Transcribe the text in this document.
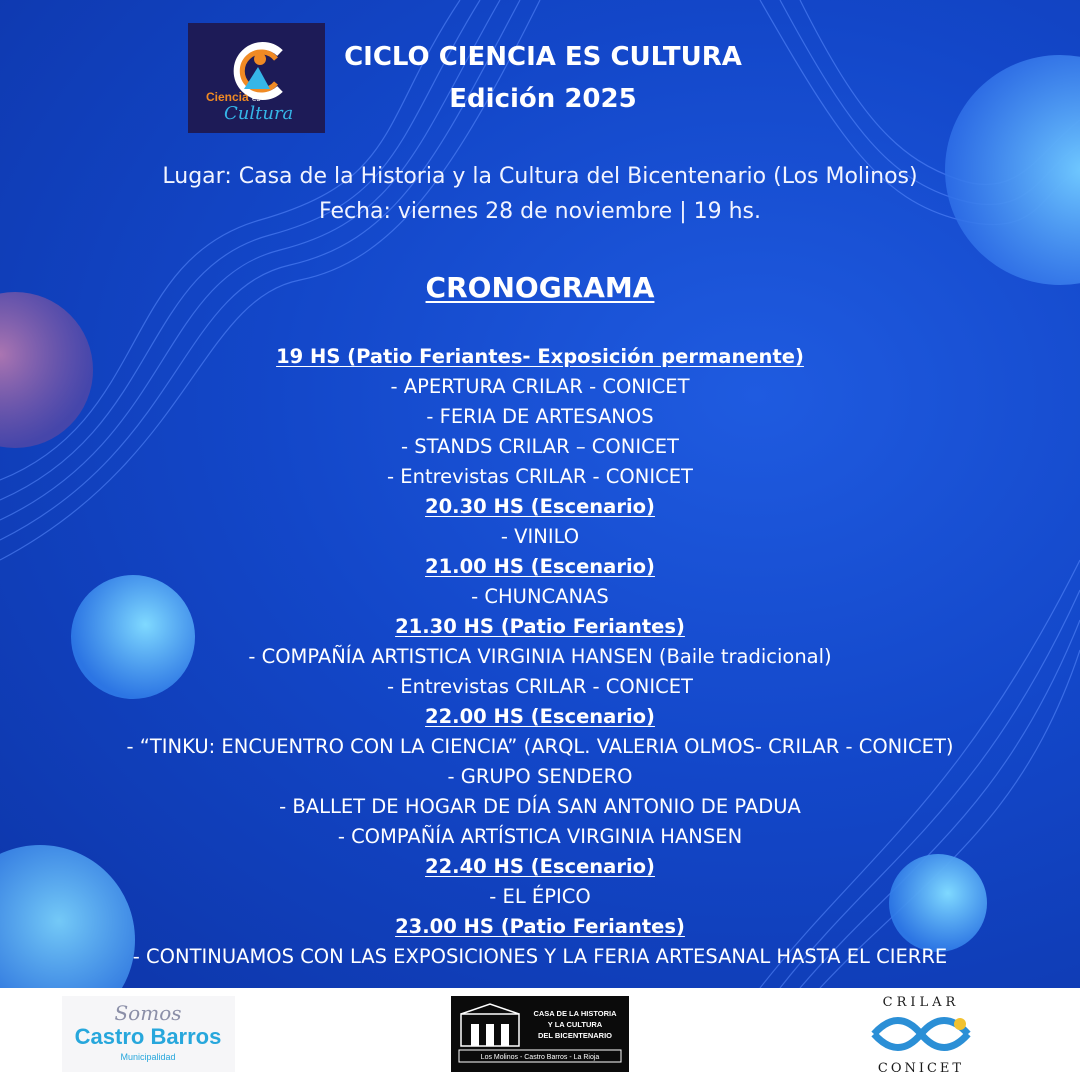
Ciencia es
Cultura
CICLO CIENCIA ES CULTURA
Edición 2025
Lugar: Casa de la Historia y la Cultura del Bicentenario (Los Molinos)
Fecha: viernes 28 de noviembre | 19 hs.
CRONOGRAMA
19 HS (Patio Feriantes- Exposición permanente)
- APERTURA CRILAR - CONICET
- FERIA DE ARTESANOS
- STANDS CRILAR – CONICET
- Entrevistas CRILAR - CONICET
20.30 HS (Escenario)
- VINILO
21.00 HS (Escenario)
- CHUNCANAS
21.30 HS (Patio Feriantes)
- COMPAÑÍA ARTISTICA VIRGINIA HANSEN (Baile tradicional)
- Entrevistas CRILAR - CONICET
22.00 HS (Escenario)
- “TINKU: ENCUENTRO CON LA CIENCIA” (ARQL. VALERIA OLMOS- CRILAR - CONICET)
- GRUPO SENDERO
- BALLET DE HOGAR DE DÍA SAN ANTONIO DE PADUA
- COMPAÑÍA ARTÍSTICA VIRGINIA HANSEN
22.40 HS (Escenario)
- EL ÉPICO
23.00 HS (Patio Feriantes)
- CONTINUAMOS CON LAS EXPOSICIONES Y LA FERIA ARTESANAL HASTA EL CIERRE
Somos
Castro Barros
Municipalidad
CASA DE LA HISTORIA
Y LA CULTURA
DEL BICENTENARIO
Los Molinos - Castro Barros - La Rioja
CRILAR
CONICET
